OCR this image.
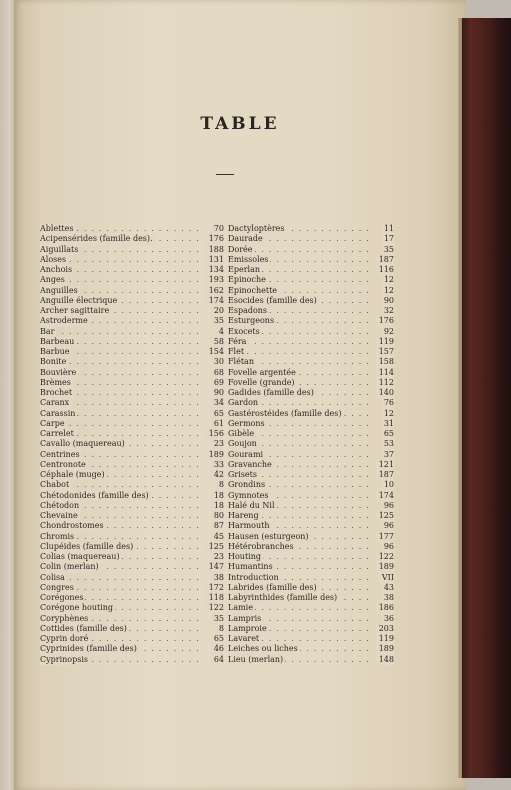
TABLE
. . .
Ablettes	70
. . .
Acipensérides (famille des).	176
. . .
Aiguillats	188
. . .
Aloses	131
. . .
Anchois	134
. . .
Anges	193
. . .
Anguilles	162
. . .
Anguille électrique	174
. . .
Archer sagittaire	20
. . .
Astroderme	35
. . .
Bar	4
. . .
Barbeau	58
. . .
Barbue	154
. . .
Bonite	30
. . .
Bouvière	68
. . .
Brèmes	69
. . .
Brochet	90
. . .
Caranx	34
. . .
Carassin	65
. . .
Carpe	61
. . .
Carrelet	156
. . .
Cavallo (maquereau)	23
. . .
Centrines	189
. . .
Centronote	33
. . .
Céphale (muge)	42
. . .
Chabot	8
. . .
Chétodonides (famille des)	18
. . .
Chétodon	18
. . .
Chevaine	80
. . .
Chondrostomes	87
. . .
Chromis	45
. . .
Clupéides (famille des)	125
. . .
Colias (maquereau)	23
. . .
Colin (merlan)	147
. . .
Colisa	38
. . .
Congres	172
. . .
Corégones	118
. . .
Corégone houting	122
. . .
Coryphènes	35
. . .
Cottides (famille des)	8
. . .
Cyprin doré	65
. . .
Cyprinides (famille des)	46
. . .
Cyprinopsis	64
. . .
Dactyloptères	11
. . .
Daurade	17
. . .
Dorée	35
. . .
Émissoles	187
. . .
Eperlan	116
. . .
Épinoche	12
. . .
Épinochette	12
. . .
Ésocides (famille des)	90
. . .
Espadons	32
. . .
Esturgeons	176
. . .
Exocets	92
. . .
Féra	119
. . .
Flet	157
. . .
Flétan	158
. . .
Fovelle argentée	114
. . .
Fovelle (grande)	112
. . .
Gadides (famille des)	140
. . .
Gardon	76
. . .
Gastérostéides (famille des)	12
. . .
Germons	31
. . .
Gibèle	65
. . .
Goujon	53
. . .
Gourami	37
. . .
Gravanche	121
. . .
Grisets	187
. . .
Grondins	10
. . .
Gymnotes	174
. . .
Halé du Nil	96
. . .
Hareng	125
. . .
Harmouth	96
. . .
Hausen (esturgeon)	177
. . .
Hétérobranches	96
. . .
Houting	122
. . .
Humantins	189
. . .
Introduction	VII
. . .
Labrides (famille des)	43
. . .
Labyrinthides (famille des)	38
. . .
Lamie	186
. . .
Lampris	36
. . .
Lamproie	203
. . .
Lavaret	119
. . .
Leiches ou liches	189
. . .
Lieu (merlan)	148
